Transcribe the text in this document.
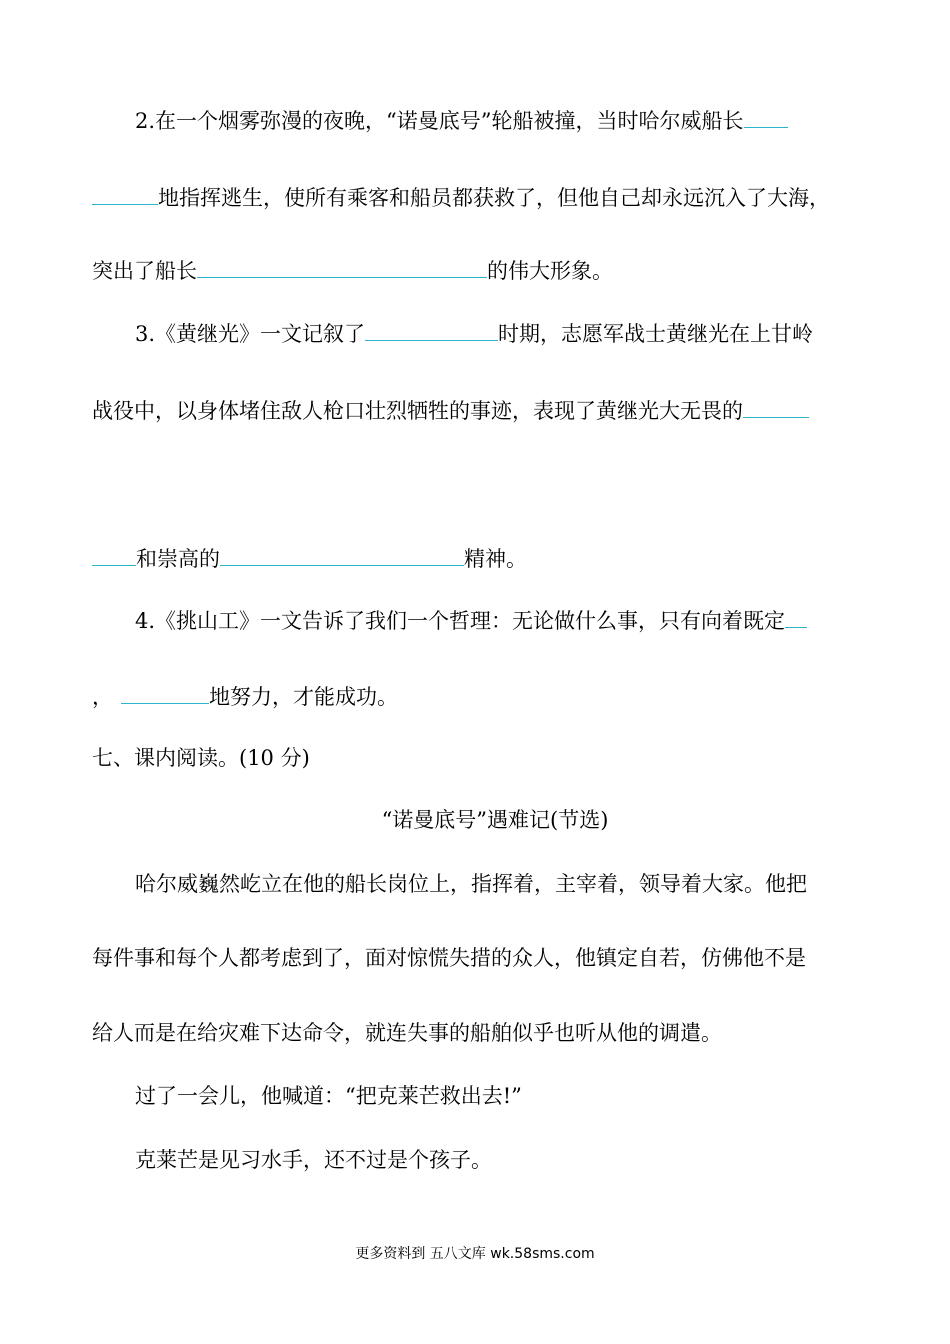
2.在一个烟雾弥漫的夜晚，“诺曼底号”轮船被撞，当时哈尔威船长
地指挥逃生，使所有乘客和船员都获救了，但他自己却永远沉入了大海，
突出了船长	的伟大形象。
3.《黄继光》一文记叙了	时期，志愿军战士黄继光在上甘岭
战役中，以身体堵住敌人枪口壮烈牺牲的事迹，表现了黄继光大无畏的
和崇高的	精神。
4.《挑山工》一文告诉了我们一个哲理：无论做什么事，只有向着既定
，	地努力，才能成功。
七、课内阅读。(10 分)
“诺曼底号”遇难记(节选)
哈尔威巍然屹立在他的船长岗位上，指挥着，主宰着，领导着大家。他把
每件事和每个人都考虑到了，面对惊慌失措的众人，他镇定自若，仿佛他不是
给人而是在给灾难下达命令，就连失事的船舶似乎也听从他的调遣。
过了一会儿，他喊道：“把克莱芒救出去!”
克莱芒是见习水手，还不过是个孩子。
更多资料到 五八文库 wk.58sms.com
